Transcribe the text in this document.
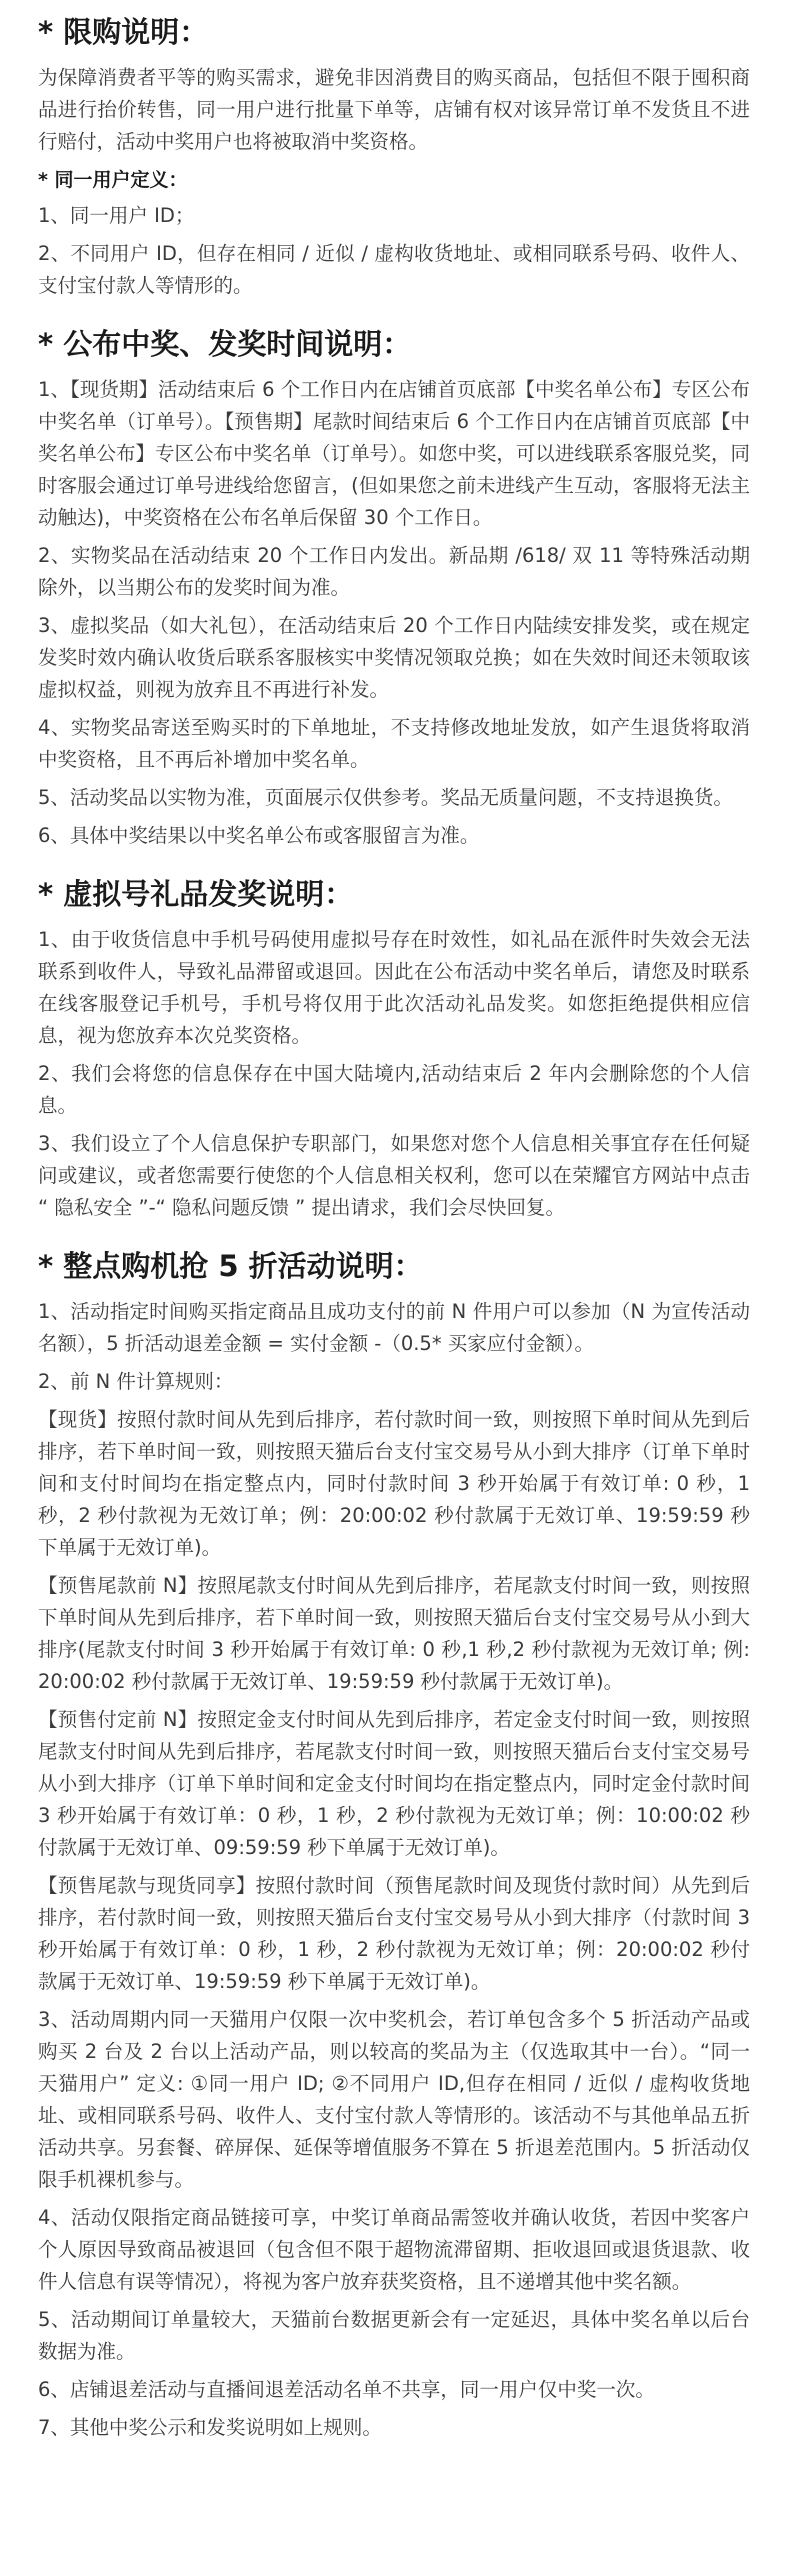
* 限购说明：
为保障消费者平等的购买需求，避免非因消费目的购买商品，包括但不限于囤积商品进行抬价转售，同一用户进行批量下单等，店铺有权对该异常订单不发货且不进行赔付，活动中奖用户也将被取消中奖资格。
* 同一用户定义：
1、同一用户 ID；
2、不同用户 ID，但存在相同 / 近似 / 虚构收货地址、或相同联系号码、收件人、支付宝付款人等情形的。
* 公布中奖、发奖时间说明：
1、【现货期】活动结束后 6 个工作日内在店铺首页底部【中奖名单公布】专区公布中奖名单（订单号）。【预售期】尾款时间结束后 6 个工作日内在店铺首页底部【中奖名单公布】专区公布中奖名单（订单号）。如您中奖，可以进线联系客服兑奖，同时客服会通过订单号进线给您留言，(但如果您之前未进线产生互动，客服将无法主动触达)，中奖资格在公布名单后保留 30 个工作日。
2、实物奖品在活动结束 20 个工作日内发出。新品期 /618/ 双 11 等特殊活动期除外，以当期公布的发奖时间为准。
3、虚拟奖品（如大礼包），在活动结束后 20 个工作日内陆续安排发奖，或在规定发奖时效内确认收货后联系客服核实中奖情况领取兑换；如在失效时间还未领取该虚拟权益，则视为放弃且不再进行补发。
4、实物奖品寄送至购买时的下单地址，不支持修改地址发放，如产生退货将取消中奖资格，且不再后补增加中奖名单。
5、活动奖品以实物为准，页面展示仅供参考。奖品无质量问题，不支持退换货。
6、具体中奖结果以中奖名单公布或客服留言为准。
* 虚拟号礼品发奖说明：
1、由于收货信息中手机号码使用虚拟号存在时效性，如礼品在派件时失效会无法联系到收件人，导致礼品滞留或退回。因此在公布活动中奖名单后，请您及时联系在线客服登记手机号，手机号将仅用于此次活动礼品发奖。如您拒绝提供相应信息，视为您放弃本次兑奖资格。
2、我们会将您的信息保存在中国大陆境内,活动结束后 2 年内会删除您的个人信息。
3、我们设立了个人信息保护专职部门，如果您对您个人信息相关事宜存在任何疑问或建议，或者您需要行使您的个人信息相关权利，您可以在荣耀官方网站中点击 “ 隐私安全 ”-“ 隐私问题反馈 ” 提出请求，我们会尽快回复。
* 整点购机抢 5 折活动说明：
1、活动指定时间购买指定商品且成功支付的前 N 件用户可以参加（N 为宣传活动名额），5 折活动退差金额 = 实付金额 -（0.5* 买家应付金额）。
2、前 N 件计算规则：
【现货】按照付款时间从先到后排序，若付款时间一致，则按照下单时间从先到后排序，若下单时间一致，则按照天猫后台支付宝交易号从小到大排序（订单下单时间和支付时间均在指定整点内，同时付款时间 3 秒开始属于有效订单: 0 秒，1 秒，2 秒付款视为无效订单；例：20:00:02 秒付款属于无效订单、19:59:59 秒下单属于无效订单)。
【预售尾款前 N】按照尾款支付时间从先到后排序，若尾款支付时间一致，则按照下单时间从先到后排序，若下单时间一致，则按照天猫后台支付宝交易号从小到大排序(尾款支付时间 3 秒开始属于有效订单: 0 秒,1 秒,2 秒付款视为无效订单; 例: 20:00:02 秒付款属于无效订单、19:59:59 秒付款属于无效订单)。
【预售付定前 N】按照定金支付时间从先到后排序，若定金支付时间一致，则按照尾款支付时间从先到后排序，若尾款支付时间一致，则按照天猫后台支付宝交易号从小到大排序（订单下单时间和定金支付时间均在指定整点内，同时定金付款时间 3 秒开始属于有效订单：0 秒，1 秒，2 秒付款视为无效订单；例：10:00:02 秒付款属于无效订单、09:59:59 秒下单属于无效订单)。
【预售尾款与现货同享】按照付款时间（预售尾款时间及现货付款时间）从先到后排序，若付款时间一致，则按照天猫后台支付宝交易号从小到大排序（付款时间 3 秒开始属于有效订单：0 秒，1 秒，2 秒付款视为无效订单；例：20:00:02 秒付款属于无效订单、19:59:59 秒下单属于无效订单)。
3、活动周期内同一天猫用户仅限一次中奖机会，若订单包含多个 5 折活动产品或购买 2 台及 2 台以上活动产品，则以较高的奖品为主（仅选取其中一台）。“同一天猫用户” 定义: ①同一用户 ID; ②不同用户 ID,但存在相同 / 近似 / 虚构收货地址、或相同联系号码、收件人、支付宝付款人等情形的。该活动不与其他单品五折活动共享。另套餐、碎屏保、延保等增值服务不算在 5 折退差范围内。5 折活动仅限手机裸机参与。
4、活动仅限指定商品链接可享，中奖订单商品需签收并确认收货，若因中奖客户个人原因导致商品被退回（包含但不限于超物流滞留期、拒收退回或退货退款、收件人信息有误等情况），将视为客户放弃获奖资格，且不递增其他中奖名额。
5、活动期间订单量较大，天猫前台数据更新会有一定延迟，具体中奖名单以后台数据为准。
6、店铺退差活动与直播间退差活动名单不共享，同一用户仅中奖一次。
7、其他中奖公示和发奖说明如上规则。
